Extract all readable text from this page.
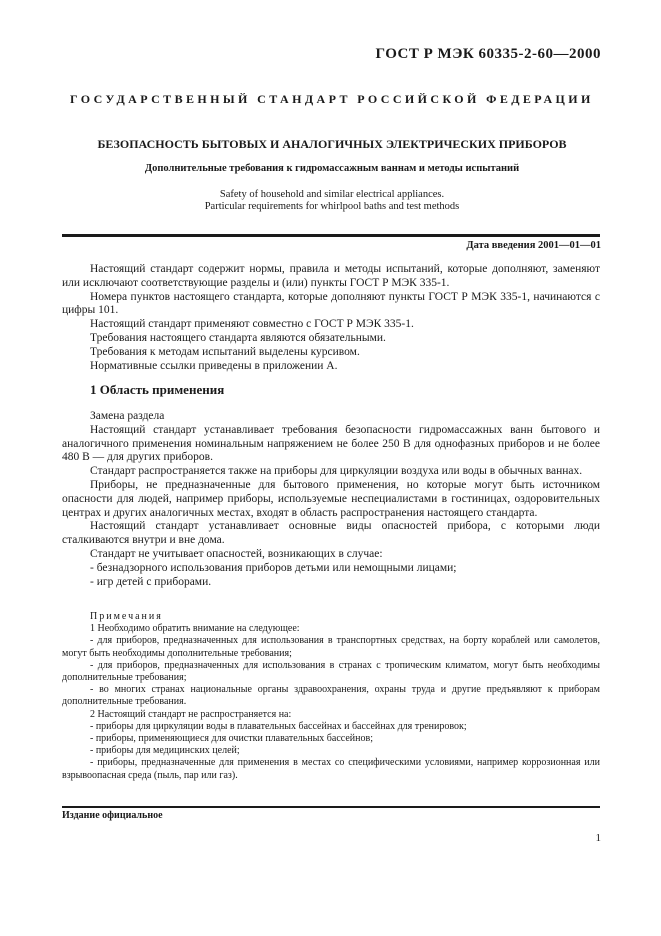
ГОСТ Р МЭК 60335-2-60—2000
ГОСУДАРСТВЕННЫЙ СТАНДАРТ РОССИЙСКОЙ ФЕДЕРАЦИИ
БЕЗОПАСНОСТЬ БЫТОВЫХ И АНАЛОГИЧНЫХ ЭЛЕКТРИЧЕСКИХ ПРИБОРОВ
Дополнительные требования к гидромассажным ваннам и методы испытаний
Safety of household and similar electrical appliances.
Particular requirements for whirlpool baths and test methods
Дата введения 2001—01—01

Настоящий стандарт содержит нормы, правила и методы испытаний, которые дополняют, заменяют или исключают соответствующие разделы и (или) пункты ГОСТ Р МЭК 335-1.

Номера пунктов настоящего стандарта, которые дополняют пункты ГОСТ Р МЭК 335-1, начинаются с цифры 101.

Настоящий стандарт применяют совместно с ГОСТ Р МЭК 335-1.

Требования настоящего стандарта являются обязательными.

Требования к методам испытаний выделены курсивом.

Нормативные ссылки приведены в приложении А.

1 Область применения

Замена раздела

Настоящий стандарт устанавливает требования безопасности гидромассажных ванн бытового и аналогичного применения номинальным напряжением не более 250 В для однофазных приборов и не более 480 В — для других приборов.

Стандарт распространяется также на приборы для циркуляции воздуха или воды в обычных ваннах.

Приборы, не предназначенные для бытового применения, но которые могут быть источником опасности для людей, например приборы, используемые неспециалистами в гостиницах, оздоровительных центрах и других аналогичных местах, входят в область распространения настоящего стандарта.

Настоящий стандарт устанавливает основные виды опасностей прибора, с которыми люди сталкиваются внутри и вне дома.

Стандарт не учитывает опасностей, возникающих в случае:

- безнадзорного использования приборов детьми или немощными лицами;

- игр детей с приборами.

Примечания

1 Необходимо обратить внимание на следующее:

- для приборов, предназначенных для использования в транспортных средствах, на борту кораблей или самолетов, могут быть необходимы дополнительные требования;

- для приборов, предназначенных для использования в странах с тропическим климатом, могут быть необходимы дополнительные требования;

- во многих странах национальные органы здравоохранения, охраны труда и другие предъявляют к приборам дополнительные требования.

2 Настоящий стандарт не распространяется на:

- приборы для циркуляции воды в плавательных бассейнах и бассейнах для тренировок;

- приборы, применяющиеся для очистки плавательных бассейнов;

- приборы для медицинских целей;

- приборы, предназначенные для применения в местах со специфическими условиями, например коррозионная или взрывоопасная среда (пыль, пар или газ).

Издание официальное
1
